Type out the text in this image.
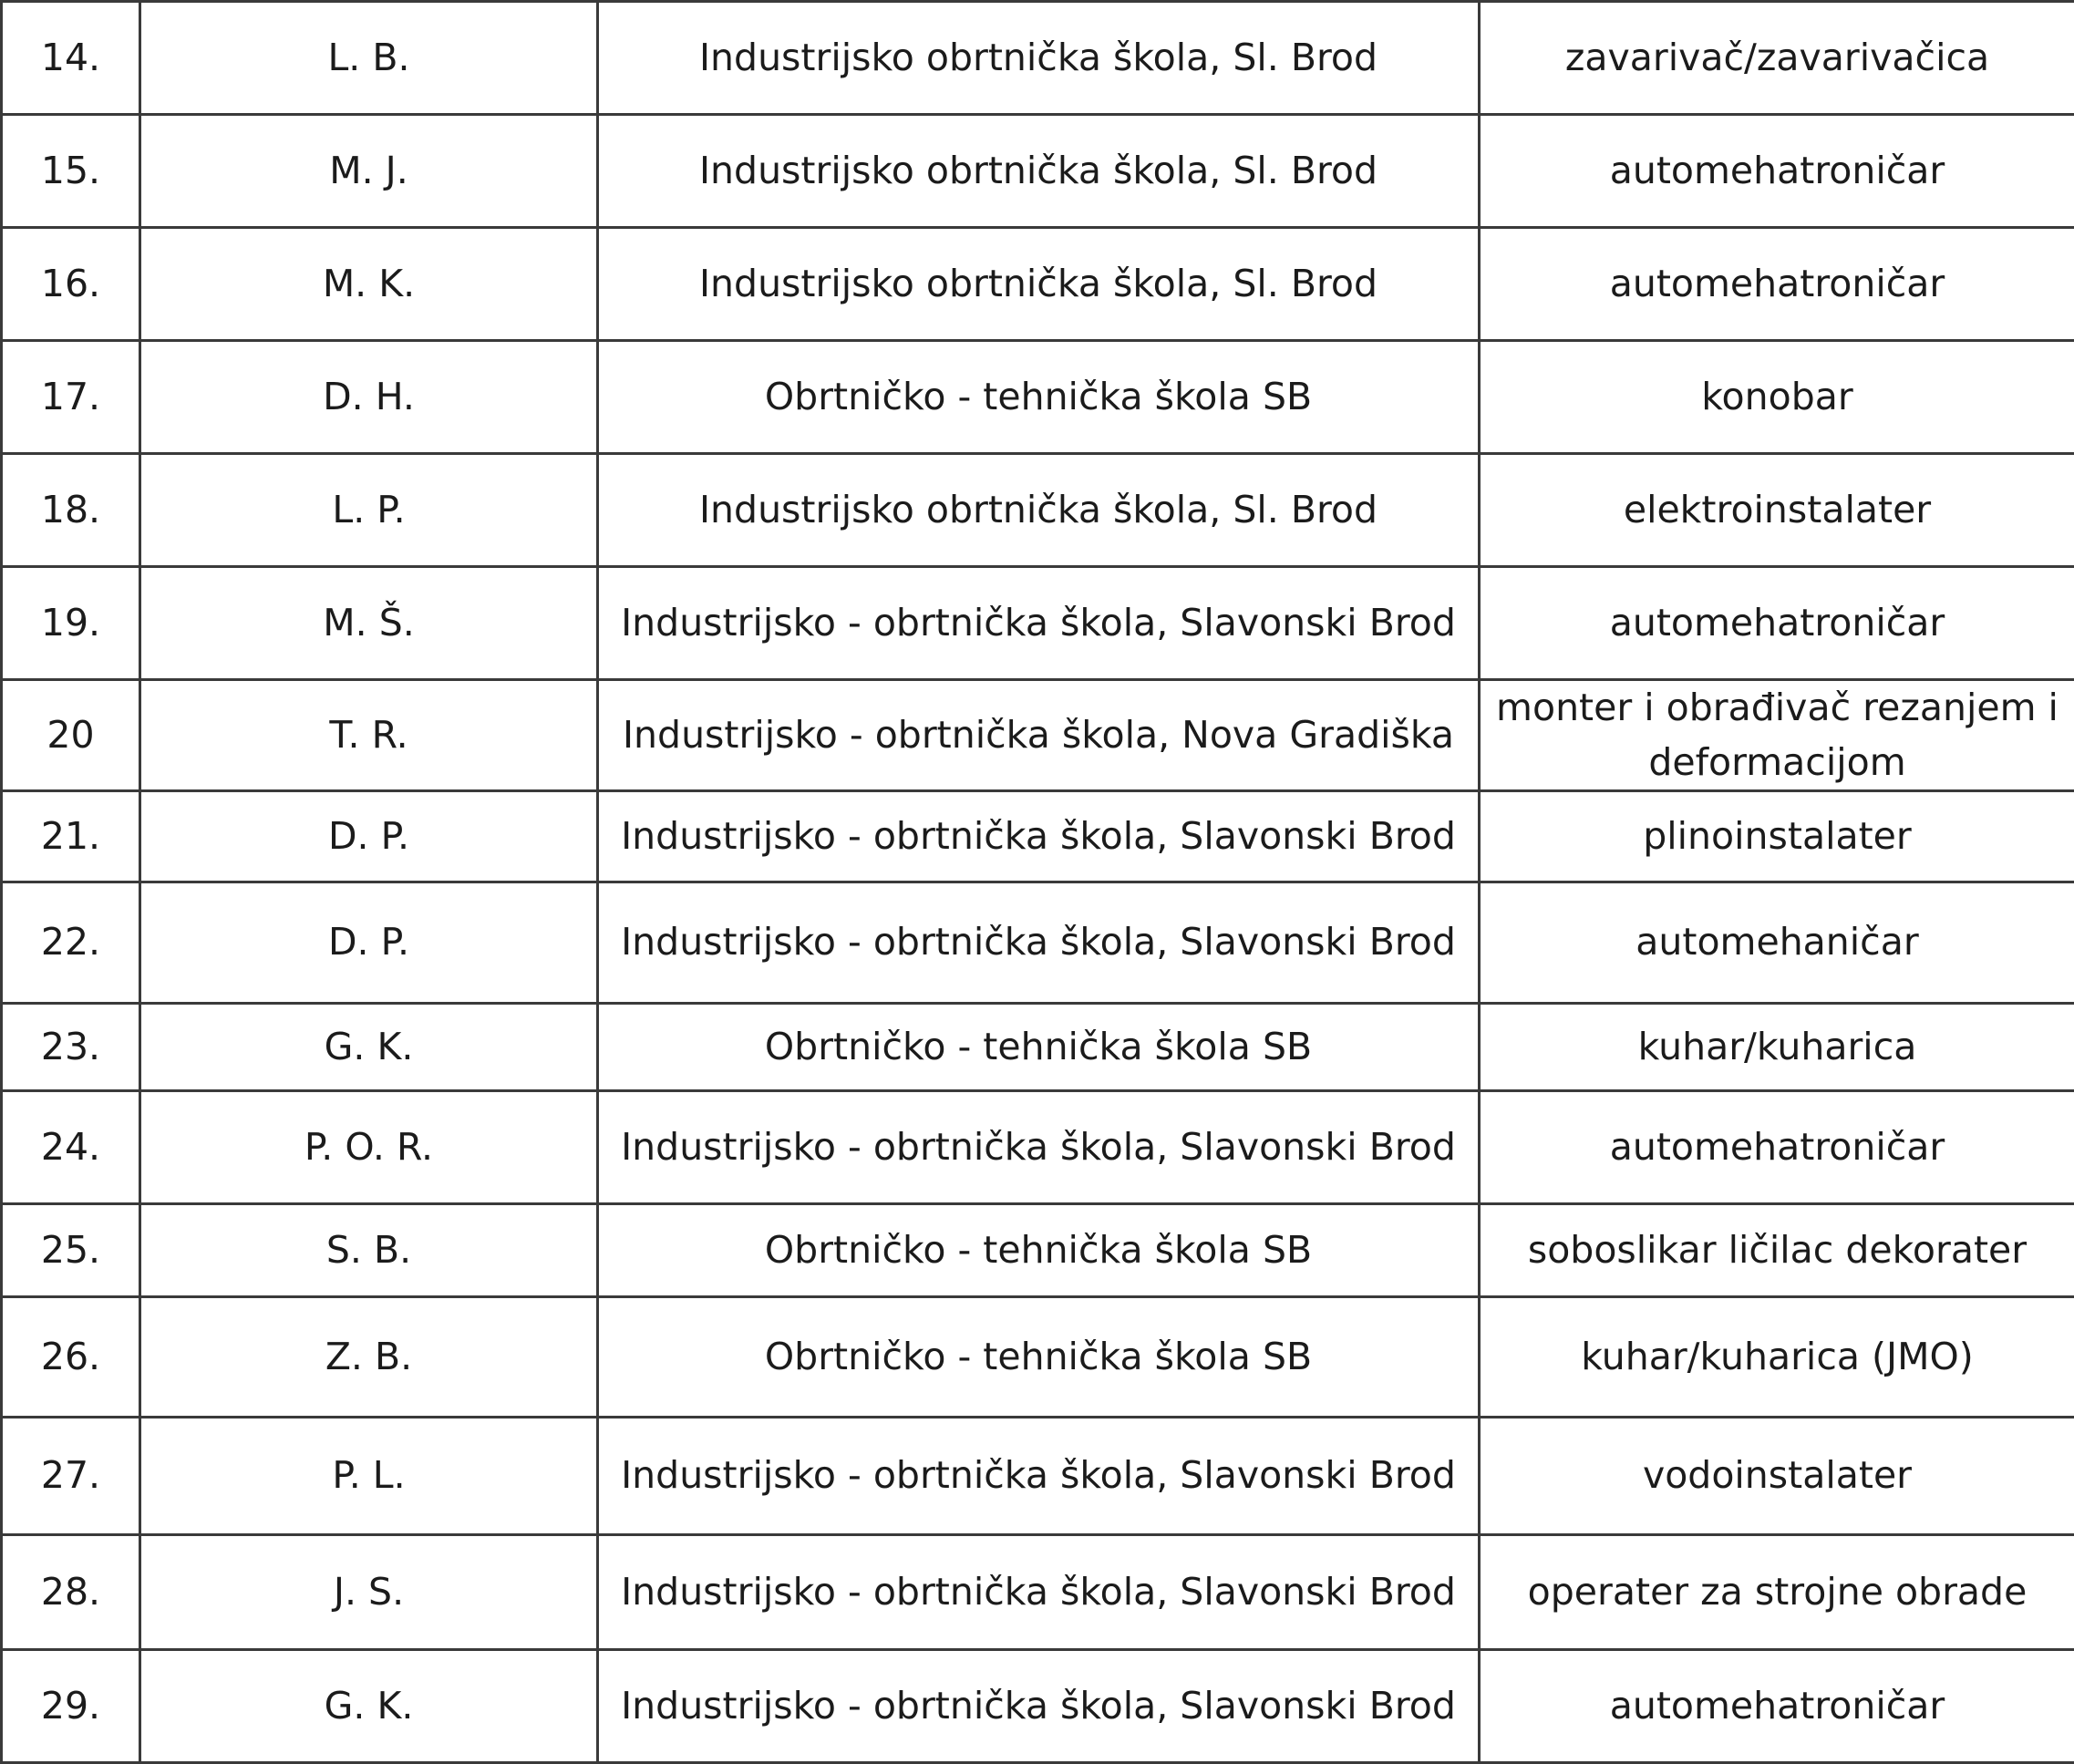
14.	L. B.	Industrijsko obrtnička škola, Sl. Brod	zavarivač/zavarivačica
15.	M. J.	Industrijsko obrtnička škola, Sl. Brod	automehatroničar
16.	M. K.	Industrijsko obrtnička škola, Sl. Brod	automehatroničar
17.	D. H.	Obrtničko - tehnička škola SB	konobar
18.	L. P.	Industrijsko obrtnička škola, Sl. Brod	elektroinstalater
19.	M. Š.	Industrijsko - obrtnička škola, Slavonski Brod	automehatroničar
20	T. R.	Industrijsko - obrtnička škola, Nova Gradiška	monter i obrađivač rezanjem i deformacijom
21.	D. P.	Industrijsko - obrtnička škola, Slavonski Brod	plinoinstalater
22.	D. P.	Industrijsko - obrtnička škola, Slavonski Brod	automehaničar
23.	G. K.	Obrtničko - tehnička škola SB	kuhar/kuharica
24.	P. O. R.	Industrijsko - obrtnička škola, Slavonski Brod	automehatroničar
25.	S. B.	Obrtničko - tehnička škola SB	soboslikar ličilac dekorater
26.	Z. B.	Obrtničko - tehnička škola SB	kuhar/kuharica (JMO)
27.	P. L.	Industrijsko - obrtnička škola, Slavonski Brod	vodoinstalater
28.	J. S.	Industrijsko - obrtnička škola, Slavonski Brod	operater za strojne obrade
29.	G. K.	Industrijsko - obrtnička škola, Slavonski Brod	automehatroničar
